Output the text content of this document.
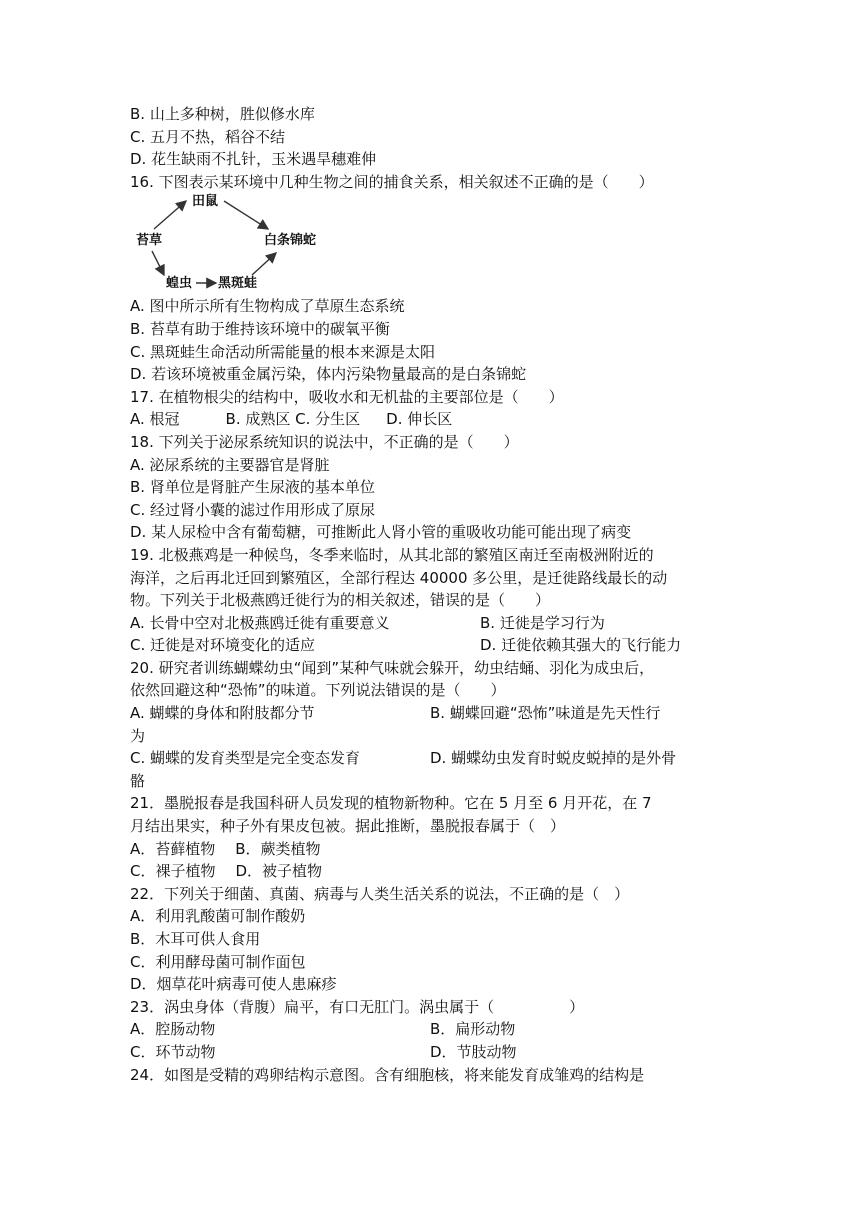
B. 山上多种树，胜似修水库
C. 五月不热，稻谷不结
D. 花生缺雨不扎针，玉米遇旱穗难伸
16. 下图表示某环境中几种生物之间的捕食关系，相关叙述不正确的是（　　）
田鼠
苔草	白条锦蛇
蝗虫 黑斑蛙
A. 图中所示所有生物构成了草原生态系统
B. 苔草有助于维持该环境中的碳氧平衡
C. 黑斑蛙生命活动所需能量的根本来源是太阳
D. 若该环境被重金属污染，体内污染物量最高的是白条锦蛇
17. 在植物根尖的结构中，吸收水和无机盐的主要部位是（　　）
A. 根冠	B. 成熟区 C. 分生区 D. 伸长区
18. 下列关于泌尿系统知识的说法中，不正确的是（　　）
A. 泌尿系统的主要器官是肾脏
B. 肾单位是肾脏产生尿液的基本单位
C. 经过肾小囊的滤过作用形成了原尿
D. 某人尿检中含有葡萄糖，可推断此人肾小管的重吸收功能可能出现了病变
19. 北极燕鸡是一种候鸟，冬季来临时，从其北部的繁殖区南迁至南极洲附近的
海洋，之后再北迁回到繁殖区，全部行程达 40000 多公里，是迁徙路线最长的动
物。下列关于北极燕鸥迁徙行为的相关叙述，错误的是（　　）
A. 长骨中空对北极燕鸥迁徙有重要意义	B. 迁徙是学习行为
C. 迁徙是对环境变化的适应	D. 迁徙依赖其强大的飞行能力
20. 研究者训练蝴蝶幼虫“闻到”某种气味就会躲开，幼虫结蛹、羽化为成虫后，
依然回避这种“恐怖”的味道。下列说法错误的是（　　）
A. 蝴蝶的身体和附肢都分节	B. 蝴蝶回避“恐怖”味道是先天性行
为
C. 蝴蝶的发育类型是完全变态发育	D. 蝴蝶幼虫发育时蜕皮蜕掉的是外骨
骼
21．墨脱报春是我国科研人员发现的植物新物种。它在 5 月至 6 月开花，在 7
月结出果实，种子外有果皮包被。据此推断，墨脱报春属于（　）
A．苔藓植物 B．蕨类植物
C．裸子植物 D．被子植物
22．下列关于细菌、真菌、病毒与人类生活关系的说法，不正确的是（　）
A．利用乳酸菌可制作酸奶
B．木耳可供人食用
C．利用酵母菌可制作面包
D．烟草花叶病毒可使人患麻疹
23．涡虫身体（背腹）扁平，有口无肛门。涡虫属于（　　　　　）
A．腔肠动物	B．扁形动物
C．环节动物	D．节肢动物
24．如图是受精的鸡卵结构示意图。含有细胞核，将来能发育成雏鸡的结构是
